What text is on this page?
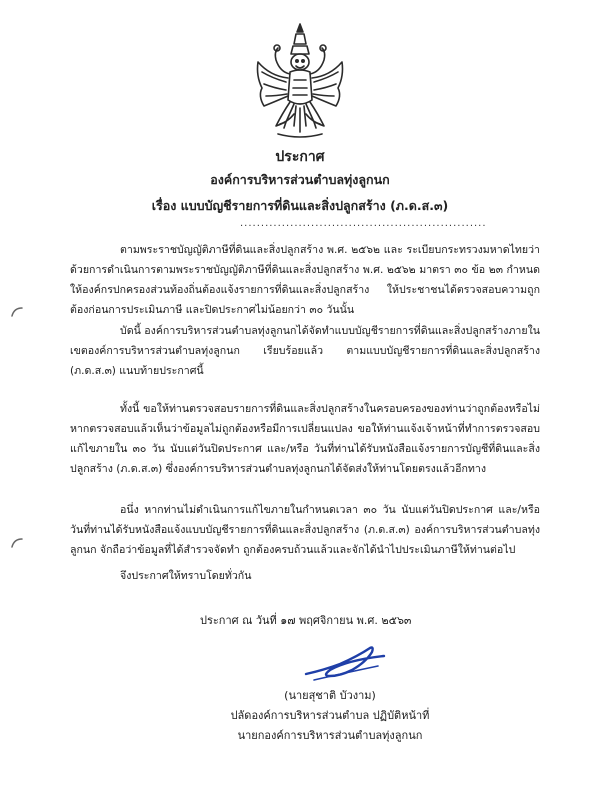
ประกาศ
องค์การบริหารส่วนตำบลทุ่งลูกนก
เรื่อง แบบบัญชีรายการที่ดินและสิ่งปลูกสร้าง (ภ.ด.ส.๓)
...........................................................

ตามพระราชบัญญัติภาษีที่ดินและสิ่งปลูกสร้าง พ.ศ. ๒๕๖๒ และ ระเบียบกระทรวงมหาดไทยว่าด้วยการดำเนินการตามพระราชบัญญัติภาษีที่ดินและสิ่งปลูกสร้าง พ.ศ. ๒๕๖๒ มาตรา ๓๐ ข้อ ๒๓ กำหนดให้องค์กรปกครองส่วนท้องถิ่นต้องแจ้งรายการที่ดินและสิ่งปลูกสร้าง ให้ประชาชนได้ตรวจสอบความถูกต้องก่อนการประเมินภาษี และปิดประกาศไม่น้อยกว่า ๓๐ วันนั้น

บัดนี้ องค์การบริหารส่วนตำบลทุ่งลูกนกได้จัดทำแบบบัญชีรายการที่ดินและสิ่งปลูกสร้างภายในเขตองค์การบริหารส่วนตำบลทุ่งลูกนก เรียบร้อยแล้ว ตามแบบบัญชีรายการที่ดินและสิ่งปลูกสร้าง (ภ.ด.ส.๓) แนบท้ายประกาศนี้

ทั้งนี้ ขอให้ท่านตรวจสอบรายการที่ดินและสิ่งปลูกสร้างในครอบครองของท่านว่าถูกต้องหรือไม่ หากตรวจสอบแล้วเห็นว่าข้อมูลไม่ถูกต้องหรือมีการเปลี่ยนแปลง ขอให้ท่านแจ้งเจ้าหน้าที่ทำการตรวจสอบแก้ไขภายใน ๓๐ วัน นับแต่วันปิดประกาศ และ/หรือ วันที่ท่านได้รับหนังสือแจ้งรายการบัญชีที่ดินและสิ่งปลูกสร้าง (ภ.ด.ส.๓) ซึ่งองค์การบริหารส่วนตำบลทุ่งลูกนกได้จัดส่งให้ท่านโดยตรงแล้วอีกทาง

อนึ่ง หากท่านไม่ดำเนินการแก้ไขภายในกำหนดเวลา ๓๐ วัน นับแต่วันปิดประกาศ และ/หรือ วันที่ท่านได้รับหนังสือแจ้งแบบบัญชีรายการที่ดินและสิ่งปลูกสร้าง (ภ.ด.ส.๓) องค์การบริหารส่วนตำบลทุ่งลูกนก จักถือว่าข้อมูลที่ได้สำรวจจัดทำ ถูกต้องครบถ้วนแล้วและจักได้นำไปประเมินภาษีให้ท่านต่อไป

จึงประกาศให้ทราบโดยทั่วกัน

ประกาศ ณ วันที่ ๑๗ พฤศจิกายน พ.ศ. ๒๕๖๓
(นายสุชาติ บัวงาม)
ปลัดองค์การบริหารส่วนตำบล ปฏิบัติหน้าที่
นายกองค์การบริหารส่วนตำบลทุ่งลูกนก
